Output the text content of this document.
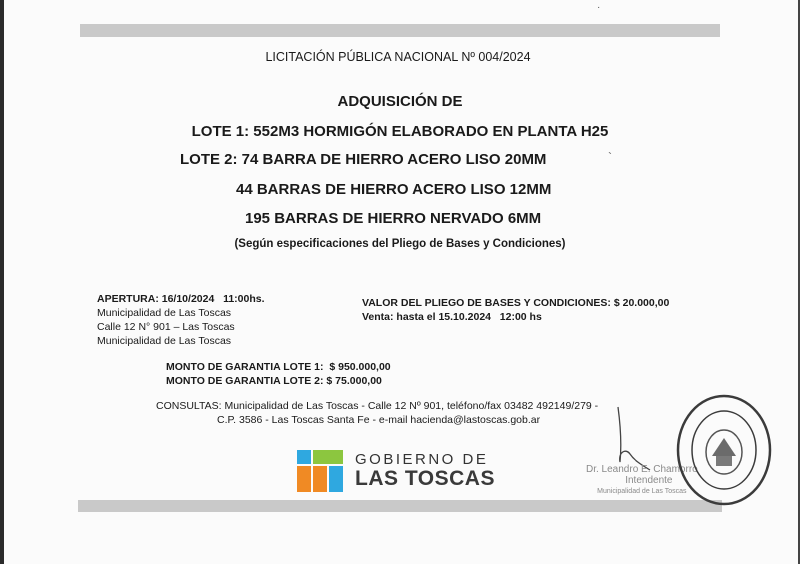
LICITACIÓN PÚBLICA NACIONAL Nº 004/2024
ADQUISICIÓN DE
LOTE 1: 552M3 HORMIGÓN ELABORADO EN PLANTA H25
LOTE 2: 74 BARRA DE HIERRO ACERO LISO 20MM
44 BARRAS DE HIERRO ACERO LISO 12MM
195 BARRAS DE HIERRO NERVADO 6MM
(Según especificaciones del Pliego de Bases y Condiciones)
APERTURA: 16/10/2024 11:00hs.
Municipalidad de Las Toscas
Calle 12 N° 901 – Las Toscas
Municipalidad de Las Toscas
VALOR DEL PLIEGO DE BASES Y CONDICIONES: $ 20.000,00
Venta: hasta el 15.10.2024 12:00 hs
MONTO DE GARANTIA LOTE 1: $ 950.000,00
MONTO DE GARANTIA LOTE 2: $ 75.000,00
CONSULTAS: Municipalidad de Las Toscas - Calle 12 Nº 901, teléfono/fax 03482 492149/279 -
C.P. 3586 - Las Toscas Santa Fe - e-mail hacienda@lastoscas.gob.ar
GOBIERNO DE
LAS TOSCAS	Dr. Leandro E. Chamorro
Intendente
Municipalidad de Las Toscas
·
`
